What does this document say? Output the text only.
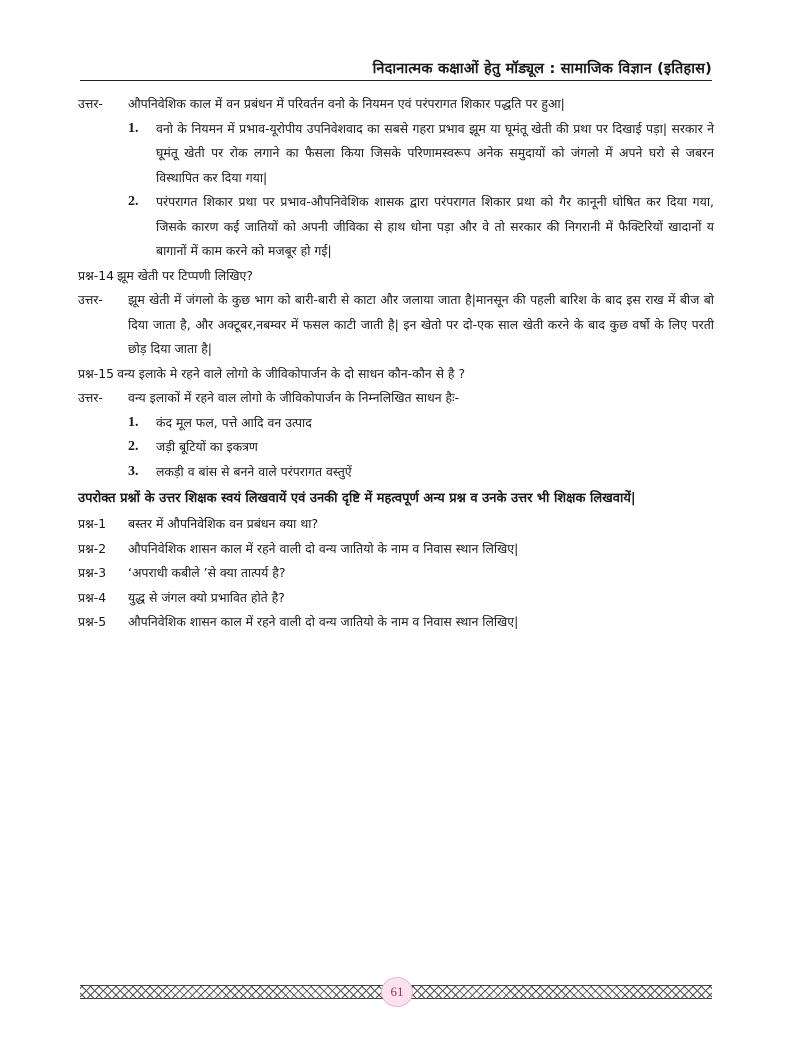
निदानात्मक कक्षाओं हेतु मॉड्यूल : सामाजिक विज्ञान (इतिहास)
उत्तर-	औपनिवेशिक काल में वन प्रबंधन में परिवर्तन वनो के नियमन एवं परंपरागत शिकार पद्धति पर हुआ|
1.	वनो के नियमन में प्रभाव-यूरोपीय उपनिवेशवाद का सबसे गहरा प्रभाव झूम या घूमंतू खेती की प्रथा पर दिखाई पड़ा| सरकार ने घूमंतू खेती पर रोक लगाने का फैसला किया जिसके परिणामस्वरूप अनेक समुदायों को जंगलो में अपने घरो से जबरन विस्थापित कर दिया गया|
2.	परंपरागत शिकार प्रथा पर प्रभाव-औपनिवेशिक शासक द्वारा परंपरागत शिकार प्रथा को गैर कानूनी घोषित कर दिया गया, जिसके कारण कई जातियों को अपनी जीविका से हाथ धोना पड़ा और वे तो सरकार की निगरानी में फैक्टिरियों खादानों य बागानों में काम करने को मजबूर हो गई|
प्रश्न-14 झूम खेती पर टिप्पणी लिखिए?
उत्तर-	झूम खेती में जंगलो के कुछ भाग को बारी-बारी से काटा और जलाया जाता है|मानसून की पहली बारिश के बाद इस राख में बीज बो दिया जाता है, और अक्टूबर,नबम्वर में फसल काटी जाती है| इन खेतो पर दो-एक साल खेती करने के बाद कुछ वर्षो के लिए परती छोड़ दिया जाता है|
प्रश्न-15 वन्य इलाके मे रहने वाले लोगो के जीविकोपार्जन के दो साधन कौन-कौन से है ?
उत्तर-	वन्य इलाकों में रहने वाल लोगो के जीविकोपार्जन के निम्नलिखित साधन हैः-
1.	कंद मूल फल, पत्ते आदि वन उत्पाद
2.	जड़ी बूटियों का इकत्रण
3.	लकड़ी व बांस से बनने वाले परंपरागत वस्तुऐं
उपरोक्त प्रश्नों के उत्तर शिक्षक स्वयं लिखवायें एवं उनकी दृष्टि में महत्वपूर्ण अन्य प्रश्न व उनके उत्तर भी शिक्षक लिखवायें|
प्रश्न-1	बस्तर में औपनिवेशिक वन प्रबंधन क्या था?
प्रश्न-2	औपनिवेशिक शासन काल में रहने वाली दो वन्य जातियो के नाम व निवास स्थान लिखिए|
प्रश्न-3	‘अपराधी कबीले ’से क्या तात्पर्य है?
प्रश्न-4	युद्ध से जंगल क्यो प्रभावित होते है?
प्रश्न-5	औपनिवेशिक शासन काल में रहने वाली दो वन्य जातियो के नाम व निवास स्थान लिखिए|
61
